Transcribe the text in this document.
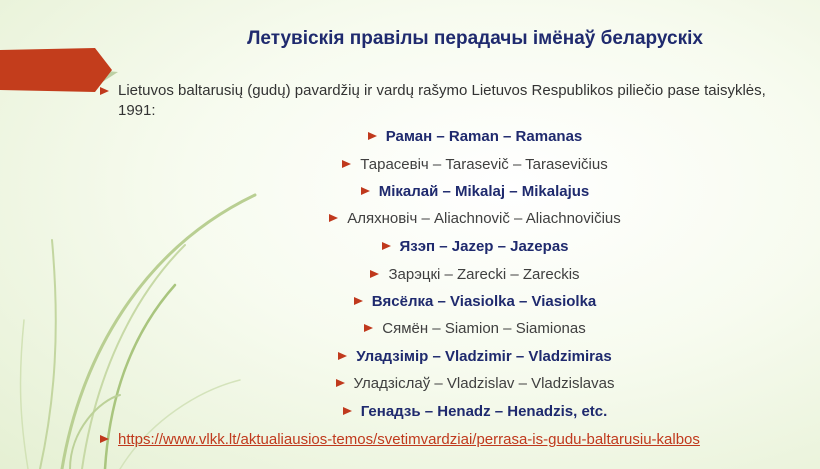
Летувіскія правілы перадачы імёнаў беларускіх
Lietuvos baltarusių (gudų) pavardžių ir vardų rašymo Lietuvos Respublikos piliečio pase taisyklės, 1991:
Раман – Raman – Ramanas
Тарасевіч – Tarasevič – Tarasevičius
Мікалай – Mikalaj – Mikalajus
Аляхновіч – Aliachnovič – Aliachnovičius
Язэп – Jazep – Jazepas
Зарэцкі – Zarecki – Zareckis
Вясёлка – Viasiolka – Viasiolka
Сямён – Siamion – Siamionas
Уладзімір – Vladzimir – Vladzimiras
Уладзіслаў – Vladzislav – Vladzislavas
Генадзь – Henadz – Henadzis, etc.
https://www.vlkk.lt/aktualiausios-temos/svetimvardziai/perrasa-is-gudu-baltarusiu-kalbos
